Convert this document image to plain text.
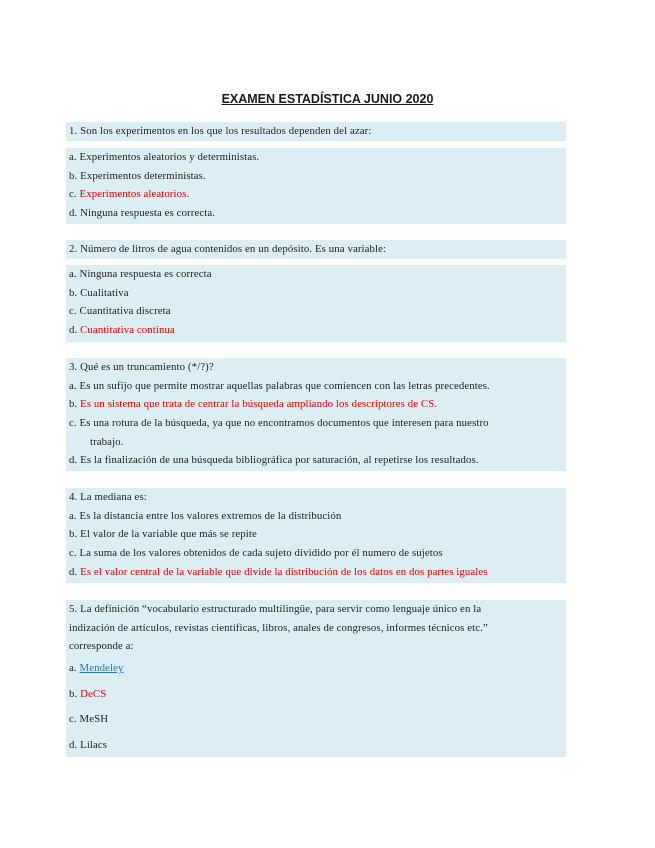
EXAMEN ESTADÍSTICA JUNIO 2020
1. Son los experimentos en los que los resultados dependen del azar:
a. Experimentos aleatorios y deterministas.
b. Experimentos deterministas.
c. Experimentos aleatorios.
d. Ninguna respuesta es correcta.
2. Número de litros de agua contenidos en un depósito. Es una variable:
a. Ninguna respuesta es correcta
b. Cualitativa
c. Cuantitativa discreta
d. Cuantitativa continua
3. Qué es un truncamiento (*/?)?
a. Es un sufijo que permite mostrar aquellas palabras que comiencen con las letras precedentes.
b. Es un sistema que trata de centrar la búsqueda ampliando los descriptores de CS.
c. Es una rotura de la búsqueda, ya que no encontramos documentos que interesen para nuestro
trabajo.
d. Es la finalización de una búsqueda bibliográfica por saturación, al repetirse los resultados.
4. La mediana es:
a. Es la distancia entre los valores extremos de la distribución
b. El valor de la variable que más se repite
c. La suma de los valores obtenidos de cada sujeto dividido por él numero de sujetos
d. Es el valor central de la variable que divide la distribución de los datos en dos partes iguales
5. La definición “vocabulario estructurado multilingüe, para servir como lenguaje único en la
indización de artículos, revistas científicas, libros, anales de congresos, informes técnicos etc.”
corresponde a:
a. Mendeley
b. DeCS
c. MeSH
d. Lilacs
